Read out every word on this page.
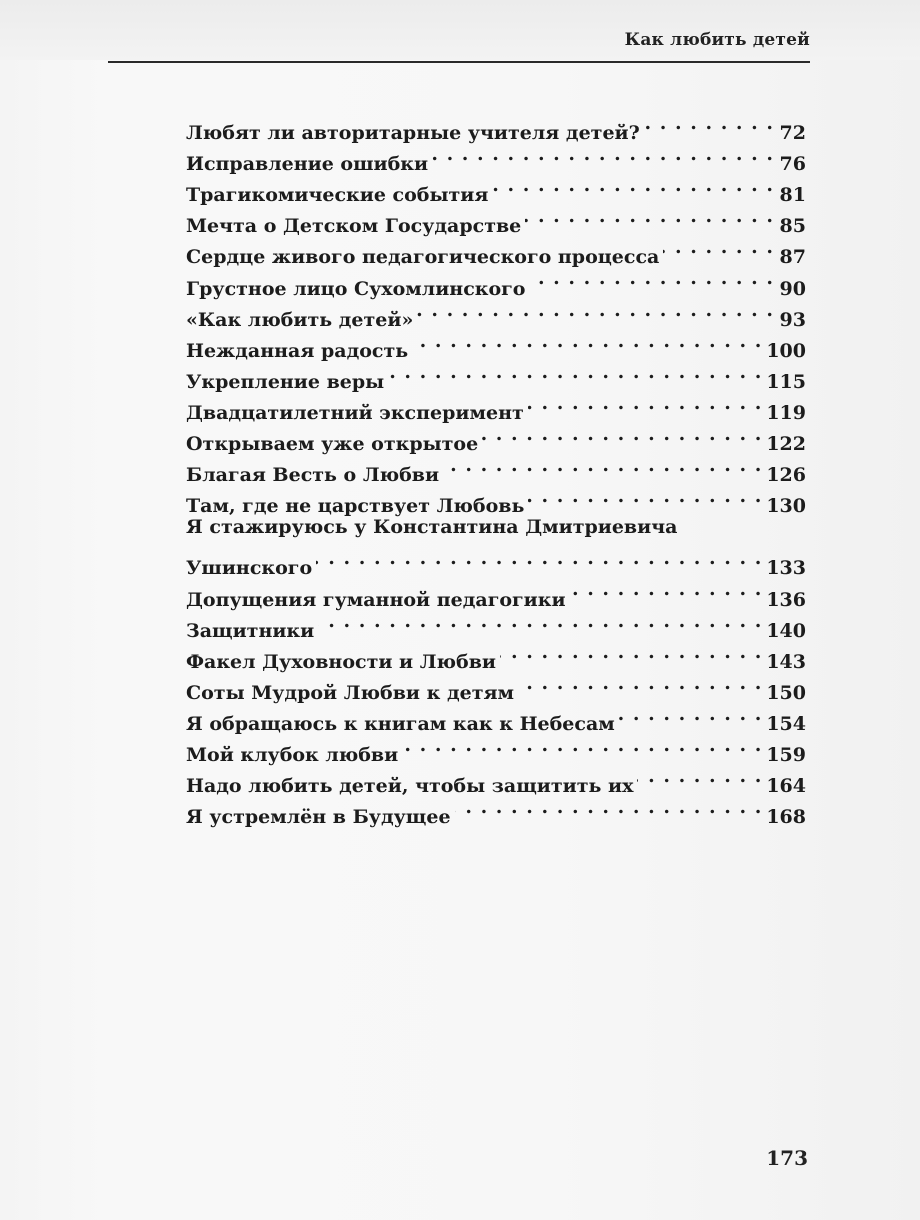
Как любить детей
Любят ли авторитарные учителя детей? . . .	72
Исправление ошибки . . .	76
Трагикомические события . . .	81
Мечта о Детском Государстве . . .	85
Сердце живого педагогического процесса . . .	87
Грустное лицо Сухомлинского . . .	90
«Как любить детей» . . .	93
Нежданная радость . . .	100
Укрепление веры . . .	115
Двадцатилетний эксперимент . . .	119
Открываем уже открытое . . .	122
Благая Весть о Любви . . .	126
Там, где не царствует Любовь . . .	130
Я стажируюсь у Константина Дмитриевича
Ушинского . . .	133
Допущения гуманной педагогики . . .	136
Защитники . . .	140
Факел Духовности и Любви . . .	143
Соты Мудрой Любви к детям . . .	150
Я обращаюсь к книгам как к Небесам . . .	154
Мой клубок любви . . .	159
Надо любить детей, чтобы защитить их . . .	164
Я устремлён в Будущее . . .	168
173
